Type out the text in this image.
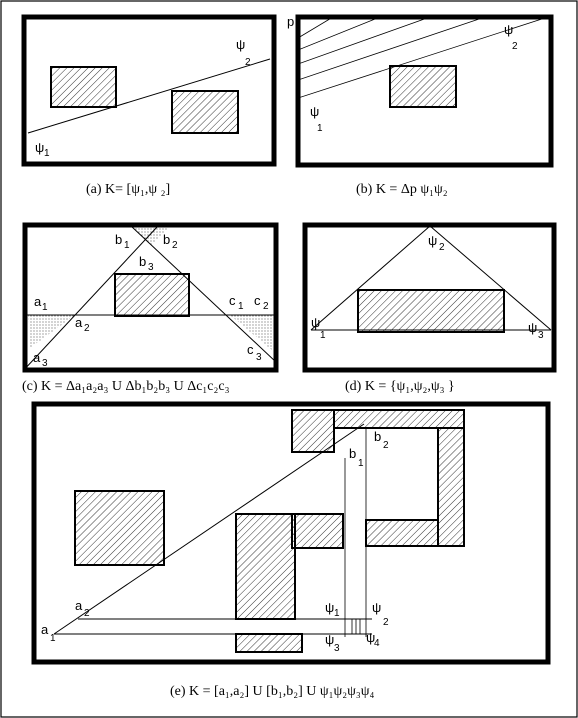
ψ 1
ψ
2
(a) K= [ψ₁,ψ ₂]
p
ψ
1
ψ
2
(b) K = Δp ψ₁ψ₂
b 1	b 2
b 3
a 1
a 2
a 3
c 1 c 2
c
3
(c) K = Δa₁a₂a₃ U Δb₁b₂b₃ U Δc₁c₂c₃
ψ 2
ψ
1
ψ
3
(d) K = {ψ₁,ψ₂,ψ₃ }
a
2
a
1
b
1
b
2
ψ 1 ψ
2
ψ
3
ψ
4
(e) K = [a₁,a₂] U [b₁,b₂] U ψ₁ψ₂ψ₃ψ₄
